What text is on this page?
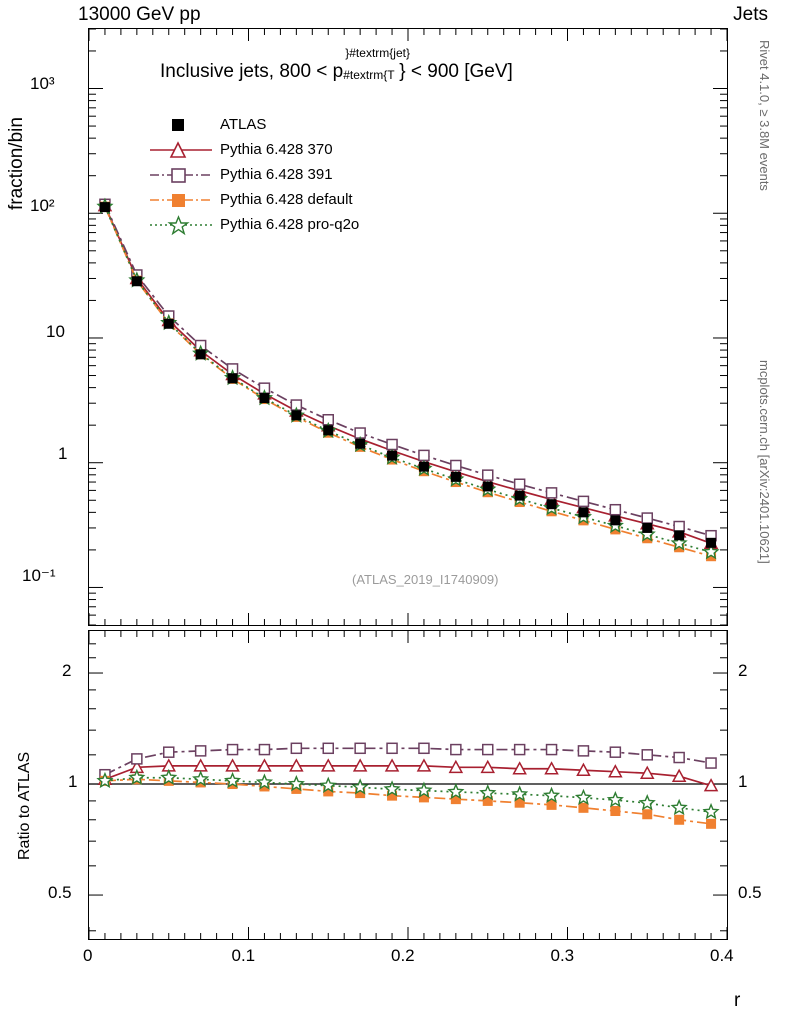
13000 GeV pp	Jets
fraction/bin
Ratio to ATLAS
Rivet 4.1.0, ≥ 3.8M events
mcplots.cern.ch [arXiv:2401.10621]
10³
10²
10
1
10⁻¹
Inclusive jets, 800 < p #textrm{T
}#textrm{jet}
} < 900 [GeV]
ATLAS
Pythia 6.428 370
Pythia 6.428 391
Pythia 6.428 default
Pythia 6.428 pro-q2o
(ATLAS_2019_I1740909)
2
1
0.5
2
1
0.5
0	0.1	0.2	0.3	0.4
r
